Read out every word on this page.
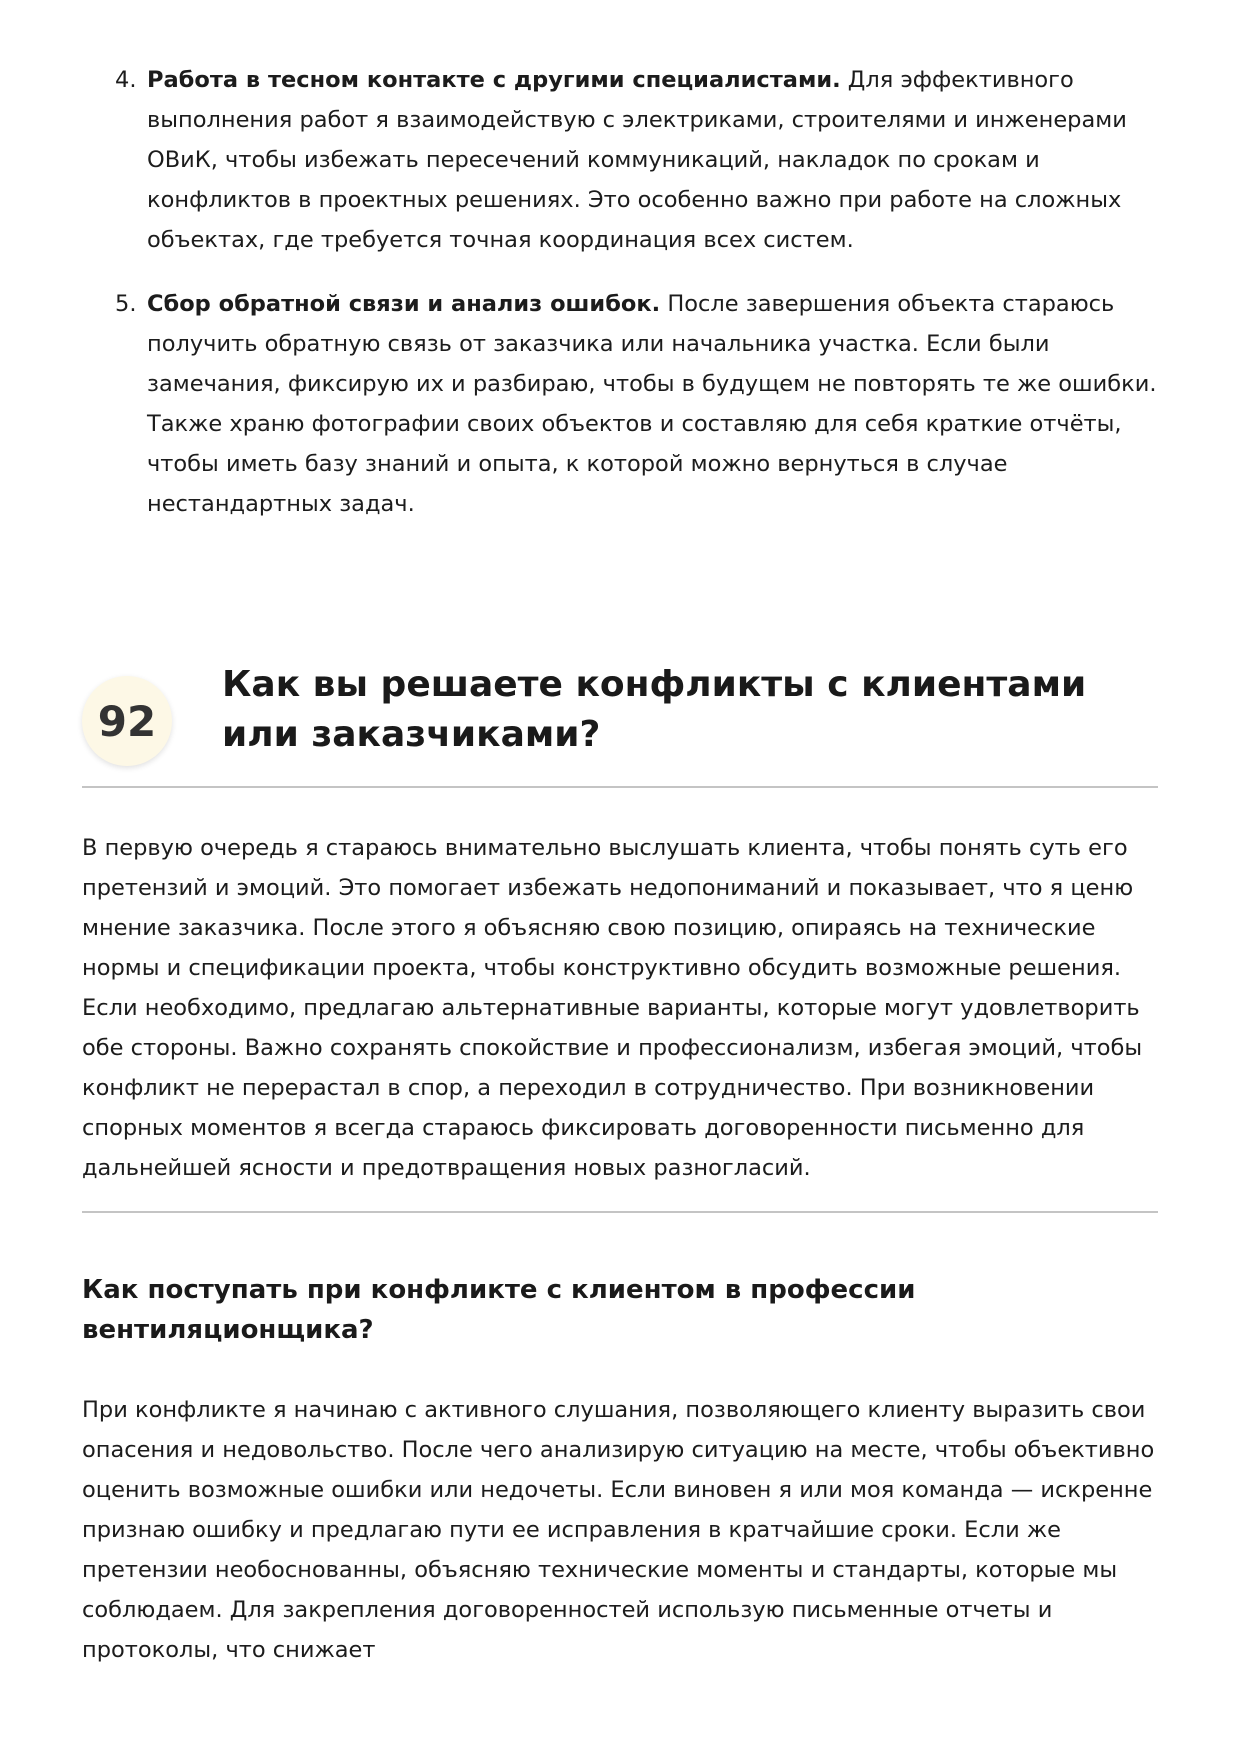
4. Работа в тесном контакте с другими специалистами. Для эффективного выполнения работ я взаимодействую с электриками, строителями и инженерами ОВиК, чтобы избежать пересечений коммуникаций, накладок по срокам и конфликтов в проектных решениях. Это особенно важно при работе на сложных объектах, где требуется точная координация всех систем.
5. Сбор обратной связи и анализ ошибок. После завершения объекта стараюсь получить обратную связь от заказчика или начальника участка. Если были замечания, фиксирую их и разбираю, чтобы в будущем не повторять те же ошибки. Также храню фотографии своих объектов и составляю для себя краткие отчёты, чтобы иметь базу знаний и опыта, к которой можно вернуться в случае нестандартных задач.
92
Как вы решаете конфликты с клиентами или заказчиками?

В первую очередь я стараюсь внимательно выслушать клиента, чтобы понять суть его претензий и эмоций. Это помогает избежать недопониманий и показывает, что я ценю мнение заказчика. После этого я объясняю свою позицию, опираясь на технические нормы и спецификации проекта, чтобы конструктивно обсудить возможные решения. Если необходимо, предлагаю альтернативные варианты, которые могут удовлетворить обе стороны. Важно сохранять спокойствие и профессионализм, избегая эмоций, чтобы конфликт не перерастал в спор, а переходил в сотрудничество. При возникновении спорных моментов я всегда стараюсь фиксировать договоренности письменно для дальнейшей ясности и предотвращения новых разногласий.

Как поступать при конфликте с клиентом в профессии вентиляционщика?

При конфликте я начинаю с активного слушания, позволяющего клиенту выразить свои опасения и недовольство. После чего анализирую ситуацию на месте, чтобы объективно оценить возможные ошибки или недочеты. Если виновен я или моя команда — искренне признаю ошибку и предлагаю пути ее исправления в кратчайшие сроки. Если же претензии необоснованны, объясняю технические моменты и стандарты, которые мы соблюдаем. Для закрепления договоренностей использую письменные отчеты и протоколы, что снижает
